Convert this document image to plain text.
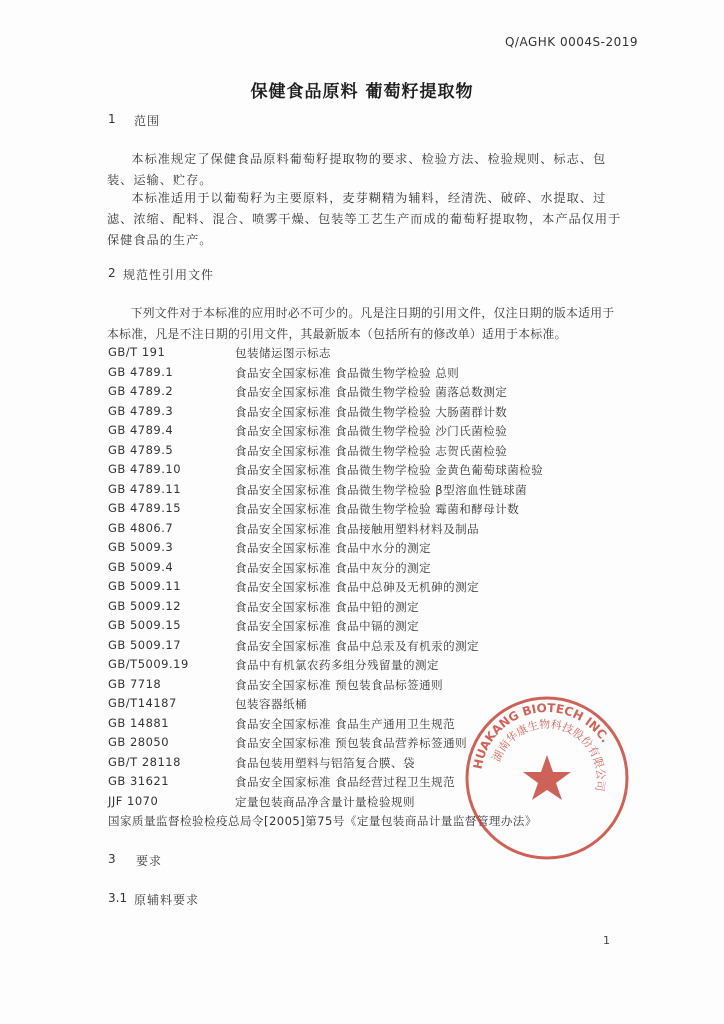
Q/AGHK 0004S-2019
保健食品原料 葡萄籽提取物
1 范围
本标准规定了保健食品原料葡萄籽提取物的要求、检验方法、检验规则、标志、包装、运输、贮存。
本标准适用于以葡萄籽为主要原料，麦芽糊精为辅料，经清洗、破碎、水提取、过滤、浓缩、配料、混合、喷雾干燥、包装等工艺生产而成的葡萄籽提取物，本产品仅用于保健食品的生产。
2 规范性引用文件
下列文件对于本标准的应用时必不可少的。凡是注日期的引用文件，仅注日期的版本适用于本标准，凡是不注日期的引用文件，其最新版本（包括所有的修改单）适用于本标准。
GB/T 191	包装储运图示标志
GB 4789.1	食品安全国家标准 食品微生物学检验 总则
GB 4789.2	食品安全国家标准 食品微生物学检验 菌落总数测定
GB 4789.3	食品安全国家标准 食品微生物学检验 大肠菌群计数
GB 4789.4	食品安全国家标准 食品微生物学检验 沙门氏菌检验
GB 4789.5	食品安全国家标准 食品微生物学检验 志贺氏菌检验
GB 4789.10	食品安全国家标准 食品微生物学检验 金黄色葡萄球菌检验
GB 4789.11	食品安全国家标准 食品微生物学检验 β型溶血性链球菌
GB 4789.15	食品安全国家标准 食品微生物学检验 霉菌和酵母计数
GB 4806.7	食品安全国家标准 食品接触用塑料材料及制品
GB 5009.3	食品安全国家标准 食品中水分的测定
GB 5009.4	食品安全国家标准 食品中灰分的测定
GB 5009.11	食品安全国家标准 食品中总砷及无机砷的测定
GB 5009.12	食品安全国家标准 食品中铅的测定
GB 5009.15	食品安全国家标准 食品中镉的测定
GB 5009.17	食品安全国家标准 食品中总汞及有机汞的测定
GB/T5009.19	食品中有机氯农药多组分残留量的测定
GB 7718	食品安全国家标准 预包装食品标签通则
GB/T14187	包装容器纸桶
GB 14881	食品安全国家标准 食品生产通用卫生规范
GB 28050	食品安全国家标准 预包装食品营养标签通则
GB/T 28118	食品包装用塑料与铝箔复合膜、袋
GB 31621	食品安全国家标准 食品经营过程卫生规范
JJF 1070	定量包装商品净含量计量检验规则
国家质量监督检验检疫总局令[2005]第75号《定量包装商品计量监督管理办法》
3 要求
3.1 原辅料要求
HUAKANG BIOTECH INC.
湖南华康生物科技股份有限公司
1
